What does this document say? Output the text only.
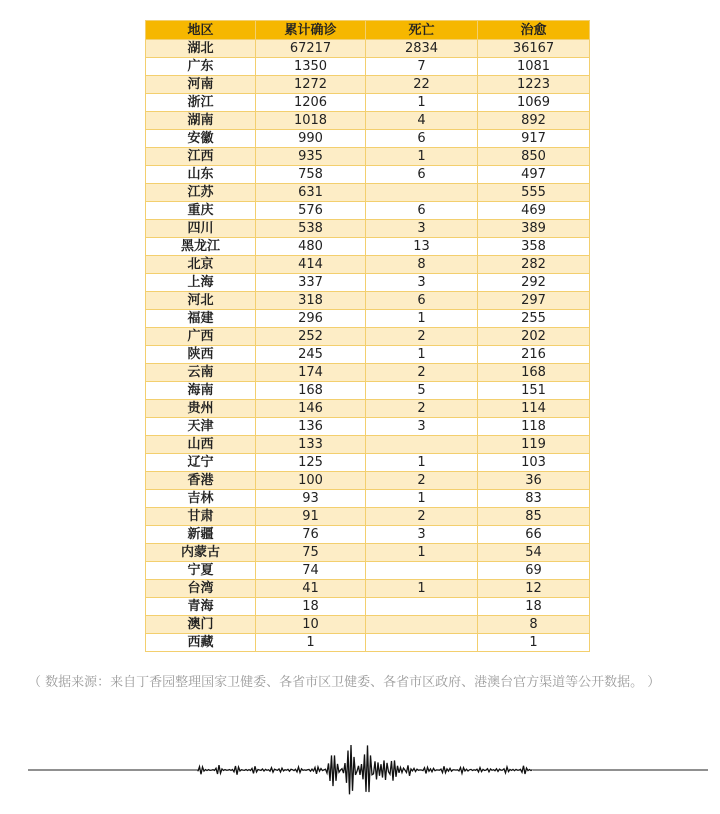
地区	累计确诊	死亡	治愈
湖北	67217	2834	36167
广东	1350	7	1081
河南	1272	22	1223
浙江	1206	1	1069
湖南	1018	4	892
安徽	990	6	917
江西	935	1	850
山东	758	6	497
江苏	631		555
重庆	576	6	469
四川	538	3	389
黑龙江	480	13	358
北京	414	8	282
上海	337	3	292
河北	318	6	297
福建	296	1	255
广西	252	2	202
陕西	245	1	216
云南	174	2	168
海南	168	5	151
贵州	146	2	114
天津	136	3	118
山西	133		119
辽宁	125	1	103
香港	100	2	36
吉林	93	1	83
甘肃	91	2	85
新疆	76	3	66
内蒙古	75	1	54
宁夏	74		69
台湾	41	1	12
青海	18		18
澳门	10		8
西藏	1		1
（ 数据来源：来自丁香园整理国家卫健委、各省市区卫健委、各省市区政府、港澳台官方渠道等公开数据。 ）
